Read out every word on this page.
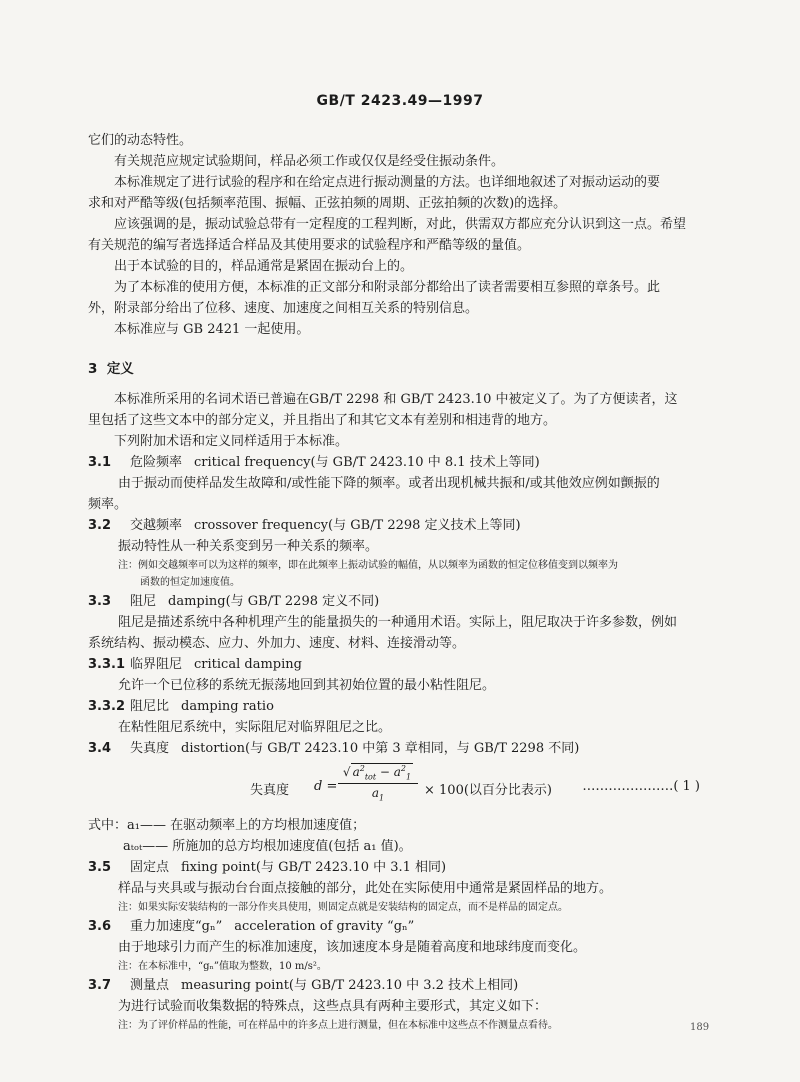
GB/T 2423.49—1997

它们的动态特性。

有关规范应规定试验期间，样品必须工作或仅仅是经受住振动条件。

本标准规定了进行试验的程序和在给定点进行振动测量的方法。也详细地叙述了对振动运动的要

求和对严酷等级(包括频率范围、振幅、正弦拍频的周期、正弦拍频的次数)的选择。

应该强调的是，振动试验总带有一定程度的工程判断，对此，供需双方都应充分认识到这一点。希望

有关规范的编写者选择适合样品及其使用要求的试验程序和严酷等级的量值。

出于本试验的目的，样品通常是紧固在振动台上的。

为了本标准的使用方便，本标准的正文部分和附录部分都给出了读者需要相互参照的章条号。此

外，附录部分给出了位移、速度、加速度之间相互关系的特别信息。

本标准应与 GB 2421 一起使用。

3 定义

本标准所采用的名词术语已普遍在GB/T 2298 和 GB/T 2423.10 中被定义了。为了方便读者，这

里包括了这些文本中的部分定义，并且指出了和其它文本有差别和相违背的地方。

下列附加术语和定义同样适用于本标准。

3.1 危险频率 critical frequency(与 GB/T 2423.10 中 8.1 技术上等同)

由于振动而使样品发生故障和/或性能下降的频率。或者出现机械共振和/或其他效应例如颤振的

频率。

3.2 交越频率 crossover frequency(与 GB/T 2298 定义技术上等同)

振动特性从一种关系变到另一种关系的频率。

注：例如交越频率可以为这样的频率，即在此频率上振动试验的幅值，从以频率为函数的恒定位移值变到以频率为

函数的恒定加速度值。

3.3 阻尼 damping(与 GB/T 2298 定义不同)

阻尼是描述系统中各种机理产生的能量损失的一种通用术语。实际上，阻尼取决于许多参数，例如

系统结构、振动模态、应力、外加力、速度、材料、连接滑动等。

3.3.1 临界阻尼 critical damping

允许一个已位移的系统无振荡地回到其初始位置的最小粘性阻尼。

3.3.2 阻尼比 damping ratio

在粘性阻尼系统中，实际阻尼对临界阻尼之比。

3.4 失真度 distortion(与 GB/T 2423.10 中第 3 章相同，与 GB/T 2298 不同)
失真度 d =
√ $a^2_{tot} - a^2_1$
$a_1$
× 100(以百分比表示) …………………( 1 )

式中：a₁—— 在驱动频率上的方均根加速度值；

aₜₒₜ—— 所施加的总方均根加速度值(包括 a₁ 值)。

3.5 固定点 fixing point(与 GB/T 2423.10 中 3.1 相同)

样品与夹具或与振动台台面点接触的部分，此处在实际使用中通常是紧固样品的地方。

注：如果实际安装结构的一部分作夹具使用，则固定点就是安装结构的固定点，而不是样品的固定点。

3.6 重力加速度“gₙ” acceleration of gravity “gₙ”

由于地球引力而产生的标准加速度，该加速度本身是随着高度和地球纬度而变化。

注：在本标准中，“gₙ”值取为整数，10 m/s²。

3.7 测量点 measuring point(与 GB/T 2423.10 中 3.2 技术上相同)

为进行试验而收集数据的特殊点，这些点具有两种主要形式，其定义如下：

注：为了评价样品的性能，可在样品中的许多点上进行测量，但在本标准中这些点不作测量点看待。	189
